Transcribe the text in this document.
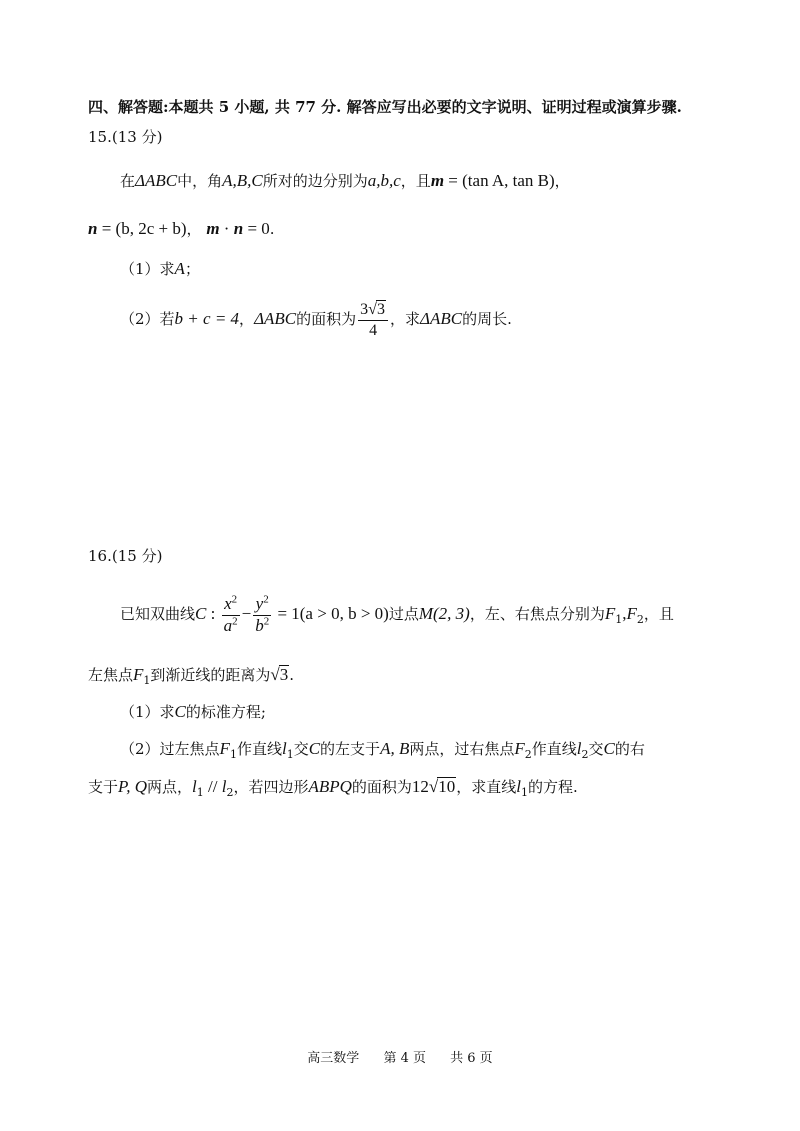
四、解答题:本题共 5 小题, 共 77 分. 解答应写出必要的文字说明、证明过程或演算步骤.
15.(13 分)
在ΔABC中，角A,B,C所对的边分别为a,b,c，且m = (tan A, tan B)，
n = (b, 2c + b)， m · n = 0.
（1）求A；
（2）若b + c = 4，ΔABC的面积为 $\frac{3√3}{4}$ ，求ΔABC的周长.
16.(15 分)
已知双曲线C : $\frac{x^2}{a^2} - \frac{y^2}{b^2} = 1(a > 0$, b > 0)过点M(2, 3)，左、右焦点分别为$F_1,F_2$，且
左焦点$F_1$到渐近线的距离为√3.
（1）求C的标准方程;
（2）过左焦点$F_1$作直线$l_1$交C的左支于A, B两点，过右焦点$F_2$作直线$l_2$交C的右
支于P, Q两点，$l_1 // l_2$，若四边形ABPQ的面积为12√10，求直线$l_1$的方程.
高三数学 第 4 页 共 6 页
